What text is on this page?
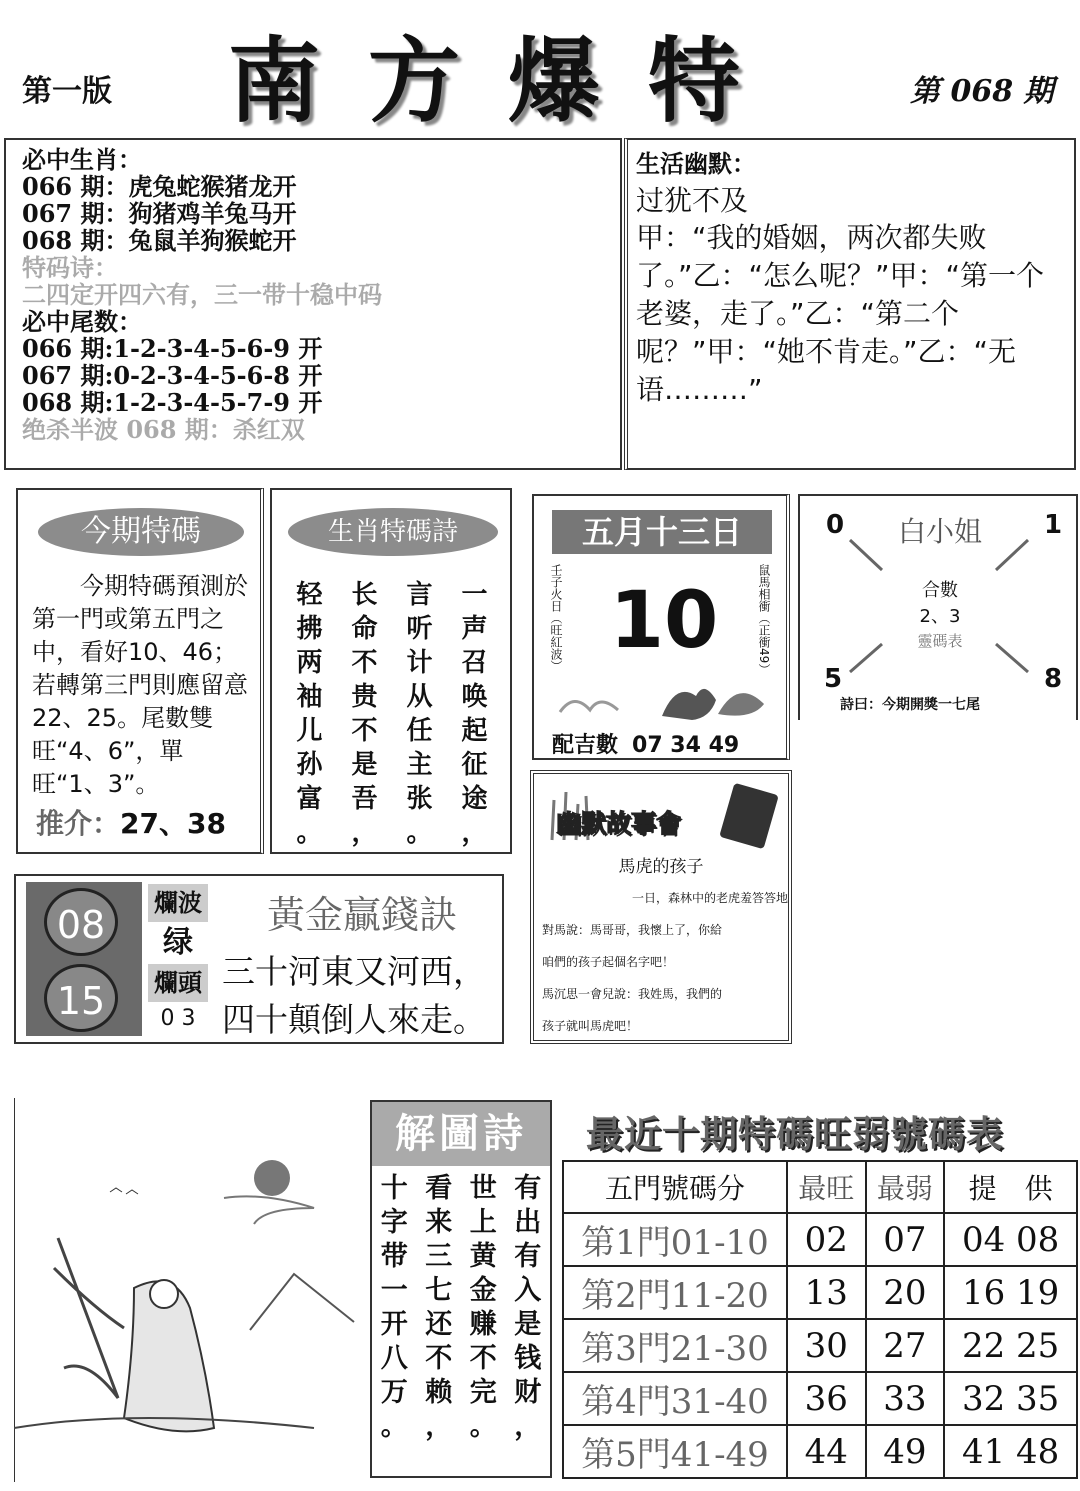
第一版 南方爆特	第 068 期
必中生肖：
066 期：虎兔蛇猴猪龙开
067 期：狗猪鸡羊兔马开
068 期：兔鼠羊狗猴蛇开
特码诗：
二四定开四六有，三一带十稳中码
必中尾数：
066 期:1-2-3-4-5-6-9 开
067 期:0-2-3-4-5-6-8 开
068 期:1-2-3-4-5-7-9 开
绝杀半波 068 期：杀红双
生活幽默：
过犹不及
甲：“我的婚姻，两次都失败了。”乙：“怎么呢？”甲：“第一个老婆，走了。”乙：“第二个呢？”甲：“她不肯走。”乙：“无语………”
今期特碼
今期特碼預測於第一門或第五門之中，看好10、46；若轉第三門則應留意22、25。尾數雙旺“4、6”，單旺“1、3”。
推介：27、38
生肖特碼詩
一
声
召
唤
起
征
途
，
言
听
计
从
任
主
张
。
长
命
不
贵
不
是
吾
，
轻
拂
两
袖
儿
孙
富
。
五月十三日
10
壬子火日（旺紅波）	鼠馬相衝（正衝49）
配吉數 07 34 49
0	1
5	8
白小姐
合數
2、3
靈碼表
詩曰：今期開獎一七尾
08
15
爛波
绿
爛頭
0 3
黃金贏錢訣
三十河東又河西，
四十顛倒人來走。
幽默故事會
馬虎的孩子
一日，森林中的老虎羞答答地
對馬說：馬哥哥，我懷上了，你給
咱們的孩子起個名字吧！
馬沉思一會兒說：我姓馬，我們的
孩子就叫馬虎吧！
解圖詩
有
出
有
入
是
钱
财
，
世
上
黄
金
赚
不
完
。
看
来
三
七
还
不
赖
，
十
字
带
一
开
八
万
。
最近十期特碼旺弱號碼表
五門號碼分	最旺	最弱	提　供
第1門01-10	02	07	04 08
第2門11-20	13	20	16 19
第3門21-30	30	27	22 25
第4門31-40	36	33	32 35
第5門41-49	44	49	41 48
